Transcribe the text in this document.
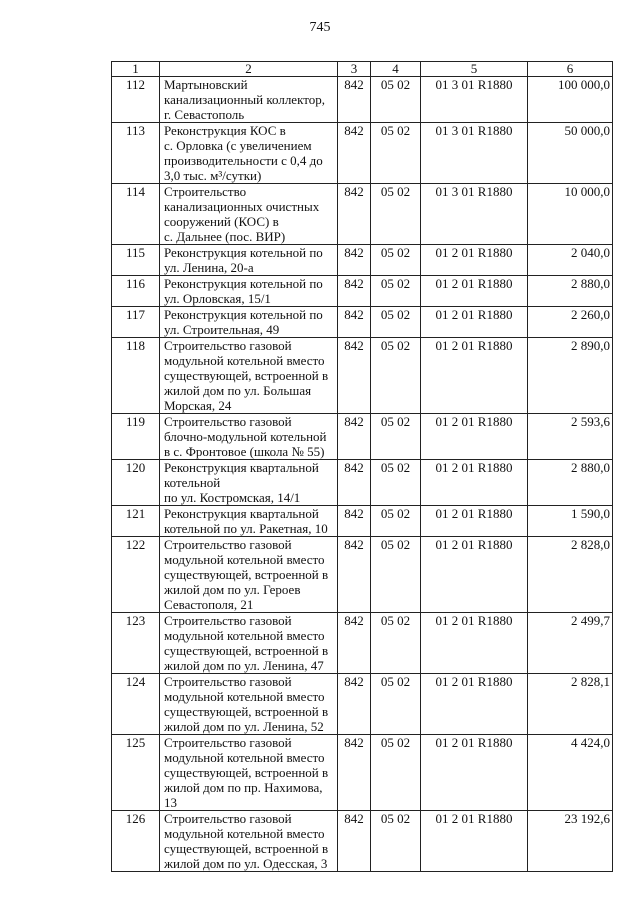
745
1	2	3	4	5	6
112	Мартыновский
канализационный коллектор,
г. Севастополь	842	05 02	01 3 01 R1880	100 000,0
113	Реконструкция КОС в
с. Орловка (с увеличением
производительности с 0,4 до
3,0 тыс. м³/сутки)	842	05 02	01 3 01 R1880	50 000,0
114	Строительство
канализационных очистных
сооружений (КОС) в
с. Дальнее (пос. ВИР)	842	05 02	01 3 01 R1880	10 000,0
115	Реконструкция котельной по
ул. Ленина, 20-а	842	05 02	01 2 01 R1880	2 040,0
116	Реконструкция котельной по
ул. Орловская, 15/1	842	05 02	01 2 01 R1880	2 880,0
117	Реконструкция котельной по
ул. Строительная, 49	842	05 02	01 2 01 R1880	2 260,0
118	Строительство газовой
модульной котельной вместо
существующей, встроенной в
жилой дом по ул. Большая
Морская, 24	842	05 02	01 2 01 R1880	2 890,0
119	Строительство газовой
блочно-модульной котельной
в с. Фронтовое (школа № 55)	842	05 02	01 2 01 R1880	2 593,6
120	Реконструкция квартальной
котельной
по ул. Костромская, 14/1	842	05 02	01 2 01 R1880	2 880,0
121	Реконструкция квартальной
котельной по ул. Ракетная, 10	842	05 02	01 2 01 R1880	1 590,0
122	Строительство газовой
модульной котельной вместо
существующей, встроенной в
жилой дом по ул. Героев
Севастополя, 21	842	05 02	01 2 01 R1880	2 828,0
123	Строительство газовой
модульной котельной вместо
существующей, встроенной в
жилой дом по ул. Ленина, 47	842	05 02	01 2 01 R1880	2 499,7
124	Строительство газовой
модульной котельной вместо
существующей, встроенной в
жилой дом по ул. Ленина, 52	842	05 02	01 2 01 R1880	2 828,1
125	Строительство газовой
модульной котельной вместо
существующей, встроенной в
жилой дом по пр. Нахимова, 13	842	05 02	01 2 01 R1880	4 424,0
126	Строительство газовой
модульной котельной вместо
существующей, встроенной в
жилой дом по ул. Одесская, 3	842	05 02	01 2 01 R1880	23 192,6
